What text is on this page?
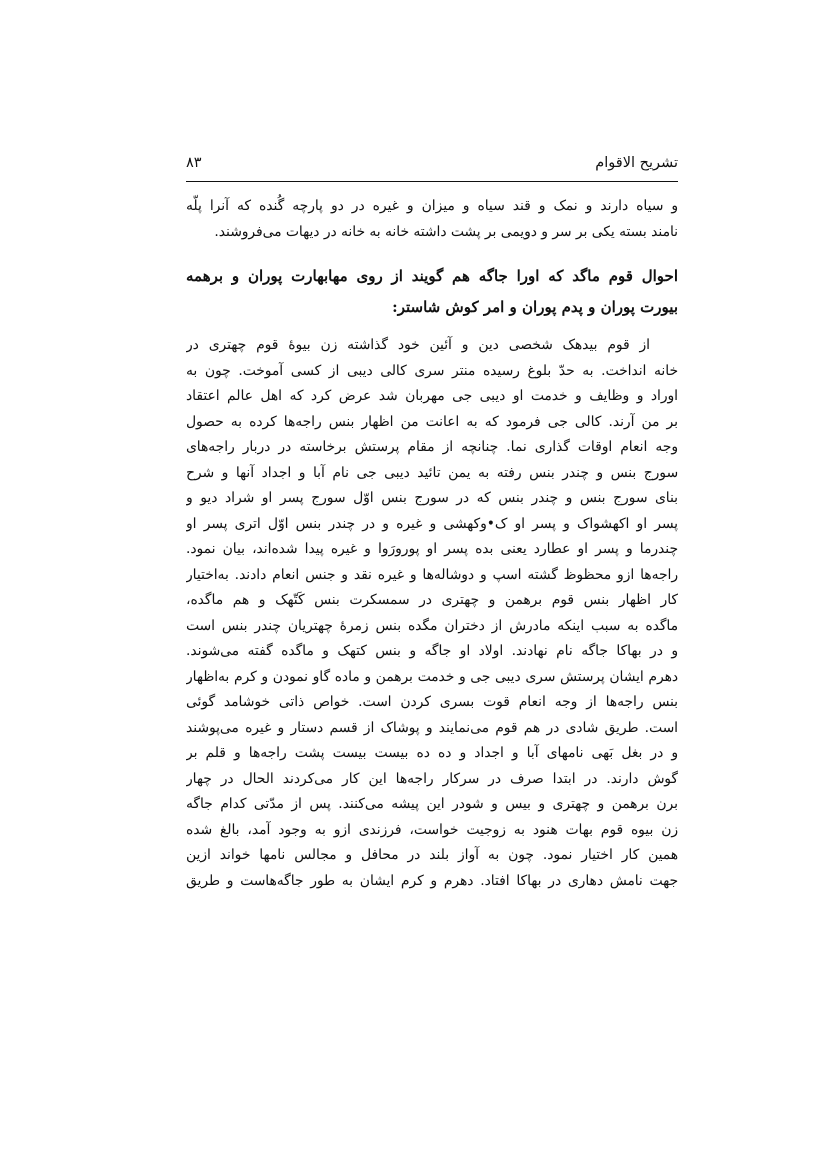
تشریح الاقوام
۸۳
و سیاه دارند و نمک و قند سیاه و میزان و غیره در دو پارچه گُنده که آنرا پلّه
نامند بسته یکی بر سر و دویمی بر پشت داشته خانه به خانه در دیهات می‌فروشند.
احوال قوم ماگد که اورا جاگه هم گویند از روی مهابهارت پوران و برهمه
بیورت پوران و پدم پوران و امر کوش شاستر:
از قوم بیدهک شخصی دین و آئین خود گذاشته زن بیوهٔ قوم چهتری در
خانه انداخت. به حدّ بلوغ رسیده منتر سری کالی دیبی از کسی آموخت. چون به
اوراد و وظایف و خدمت او دیبی جی مهربان شد عرض کرد که اهل عالم اعتقاد
بر من آرند. کالی جی فرمود که به اعانت من اظهار بنس راجه‌ها کرده به حصول
وجه انعام اوقات گذاری نما. چنانچه از مقام پرستش برخاسته در دربار راجه‌های
سورج بنس و چندر بنس رفته به یمن تائید دیبی جی نام آبا و اجداد آنها و شرح
بنای سورج بنس و چندر بنس که در سورج بنس اوّل سورج پسر او شراد دیو و
پسر او اکهشواک و پسر او ک•وکهشی و غیره و در چندر بنس اوّل اتری پسر او
چندرما و پسر او عطارد یعنی بده پسر او پورورَوا و غیره پیدا شده‌اند، بیان نمود.
راجه‌ها ازو محظوظ گشته اسپ و دوشاله‌ها و غیره نقد و جنس انعام دادند. به‌اختیار
کار اظهار بنس قوم برهمن و چهتری در سمسکرت بنس کَتّهک و هم ماگده،
ماگده به سبب اینکه مادرش از دختران مگده بنس زمرهٔ چهتریان چندر بنس است
و در بهاکا جاگه نام نهادند. اولاد او جاگه و بنس کتهک و ماگده گفته می‌شوند.
دهرم ایشان پرستش سری دیبی جی و خدمت برهمن و ماده گاو نمودن و کرم به‌اظهار
بنس راجه‌ها از وجه انعام قوت بسری کردن است. خواص ذاتی خوشامد گوئی
است. طریق شادی در هم قوم می‌نمایند و پوشاک از قسم دستار و غیره می‌پوشند
و در بغل بَهی نامهای آبا و اجداد و ده ده بیست بیست پشت راجه‌ها و قلم بر
گوش دارند. در ابتدا صرف در سرکار راجه‌ها این کار می‌کردند الحال در چهار
برن برهمن و چهتری و بیس و شودر این پیشه می‌کنند. پس از مدّتی کدام جاگه
زن بیوه قوم بهات هنود به زوجیت خواست، فرزندی ازو به وجود آمد، بالغ شده
همین کار اختیار نمود. چون به آواز بلند در محافل و مجالس نامها خواند ازین
جهت نامش دهاری در بهاکا افتاد. دهرم و کرم ایشان به طور جاگه‌هاست و طریق
